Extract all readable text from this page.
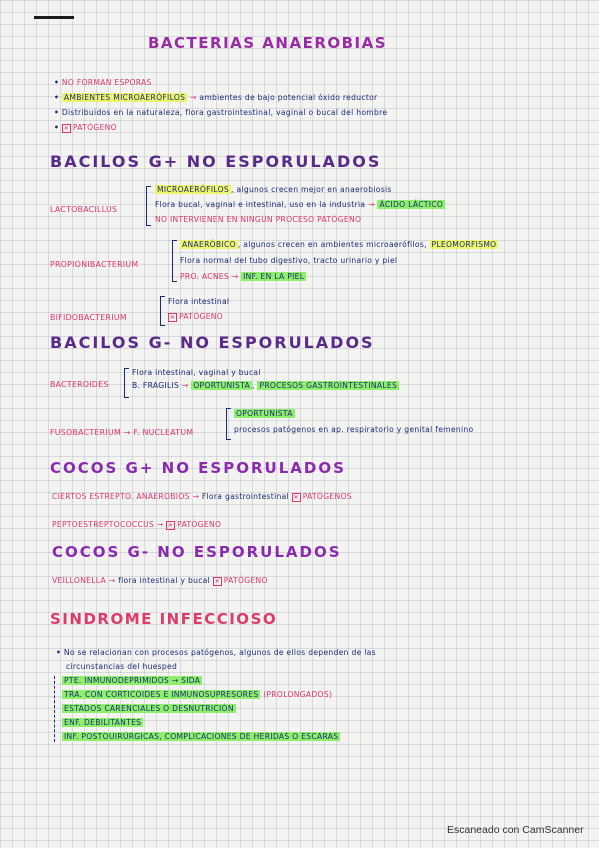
BACTERIAS ANAEROBIAS
• NO FORMAN ESPORAS
• AMBIENTES MICROAERÓFILOS → ambientes de bajo potencial óxido reductor
• Distribuidos en la naturaleza, flora gastrointestinal, vaginal o bucal del hombre
• ✕ PATÓGENO
BACILOS G+ NO ESPORULADOS
LACTOBACILLUS
MICROAERÓFILOS , algunos crecen mejor en anaerobiosis
Flora bucal, vaginal e intestinal, uso en la industria → ÁCIDO LÁCTICO
NO INTERVIENEN EN NINGÚN PROCESO PATÓGENO
PROPIONIBACTERIUM
ANAERÓBICO , algunos crecen en ambientes microaerófilos, PLEOMORFISMO
Flora normal del tubo digestivo, tracto urinario y piel
PRO. ACNES → INF. EN LA PIEL
BIFIDOBACTERIUM
Flora intestinal
✕ PATÓGENO
BACILOS G- NO ESPORULADOS
BACTEROIDES
Flora intestinal, vaginal y bucal
B. FRAGILIS → OPORTUNISTA , PROCESOS GASTROINTESTINALES
FUSOBACTERIUM → F. NUCLEATUM
OPORTUNISTA
procesos patógenos en ap. respiratorio y genital femenino
COCOS G+ NO ESPORULADOS
CIERTOS ESTREPTO. ANAEROBIOS → Flora gastrointestinal ✕ PATÓGENOS
PEPTOESTREPTOCOCCUS → ✕ PATÓGENO
COCOS G- NO ESPORULADOS
VEILLONELLA → flora intestinal y bucal ✕ PATÓGENO
SINDROME INFECCIOSO
• No se relacionan con procesos patógenos, algunos de ellos dependen de las
circunstancias del huesped
PTE. INMUNODEPRIMIDOS → SIDA
TRA. CON CORTICOIDES E INMUNOSUPRESORES (PROLONGADOS)
ESTADOS CARENCIALES O DESNUTRICIÓN
ENF. DEBILITANTES
INF. POSTOUIRÚRGICAS, COMPLICACIONES DE HERIDAS O ESCARAS
Escaneado con CamScanner
